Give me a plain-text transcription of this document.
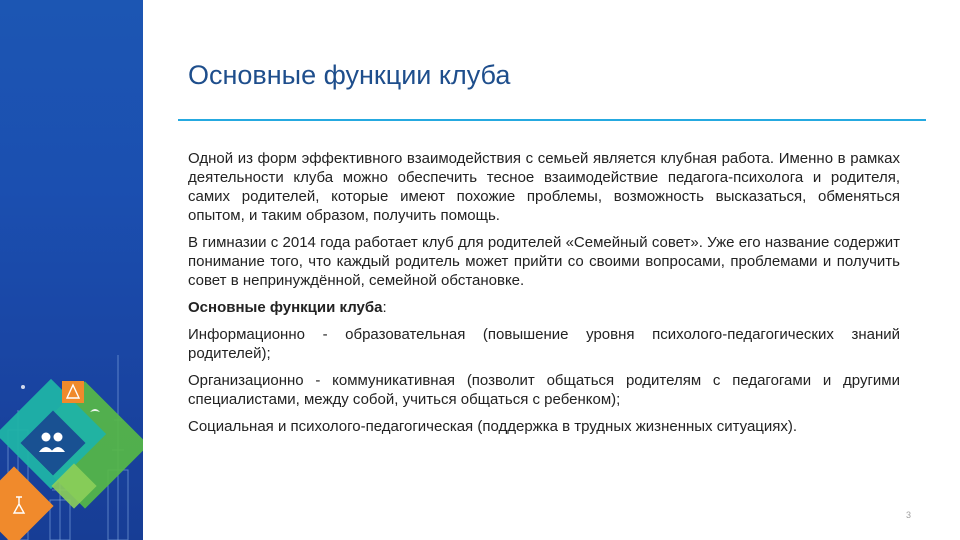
Основные функции клуба

Одной из форм эффективного взаимодействия с семьей является клубная работа. Именно в рамках деятельности клуба можно обеспечить тесное взаимодействие педагога-психолога и родителя, самих родителей, которые имеют похожие проблемы, возможность высказаться, обменяться опытом, и таким образом, получить помощь.

В гимназии с 2014 года работает клуб для родителей «Семейный совет». Уже его название содержит понимание того, что каждый родитель может прийти со своими вопросами, проблемами и получить совет в непринуждённой, семейной обстановке.

Основные функции клуба:

Информационно - образовательная (повышение уровня психолого-педагогических знаний родителей);

Организационно - коммуникативная (позволит общаться родителям с педагогами и другими специалистами, между собой, учиться общаться с ребенком);

Социальная и психолого-педагогическая (поддержка в трудных жизненных ситуациях).

3
